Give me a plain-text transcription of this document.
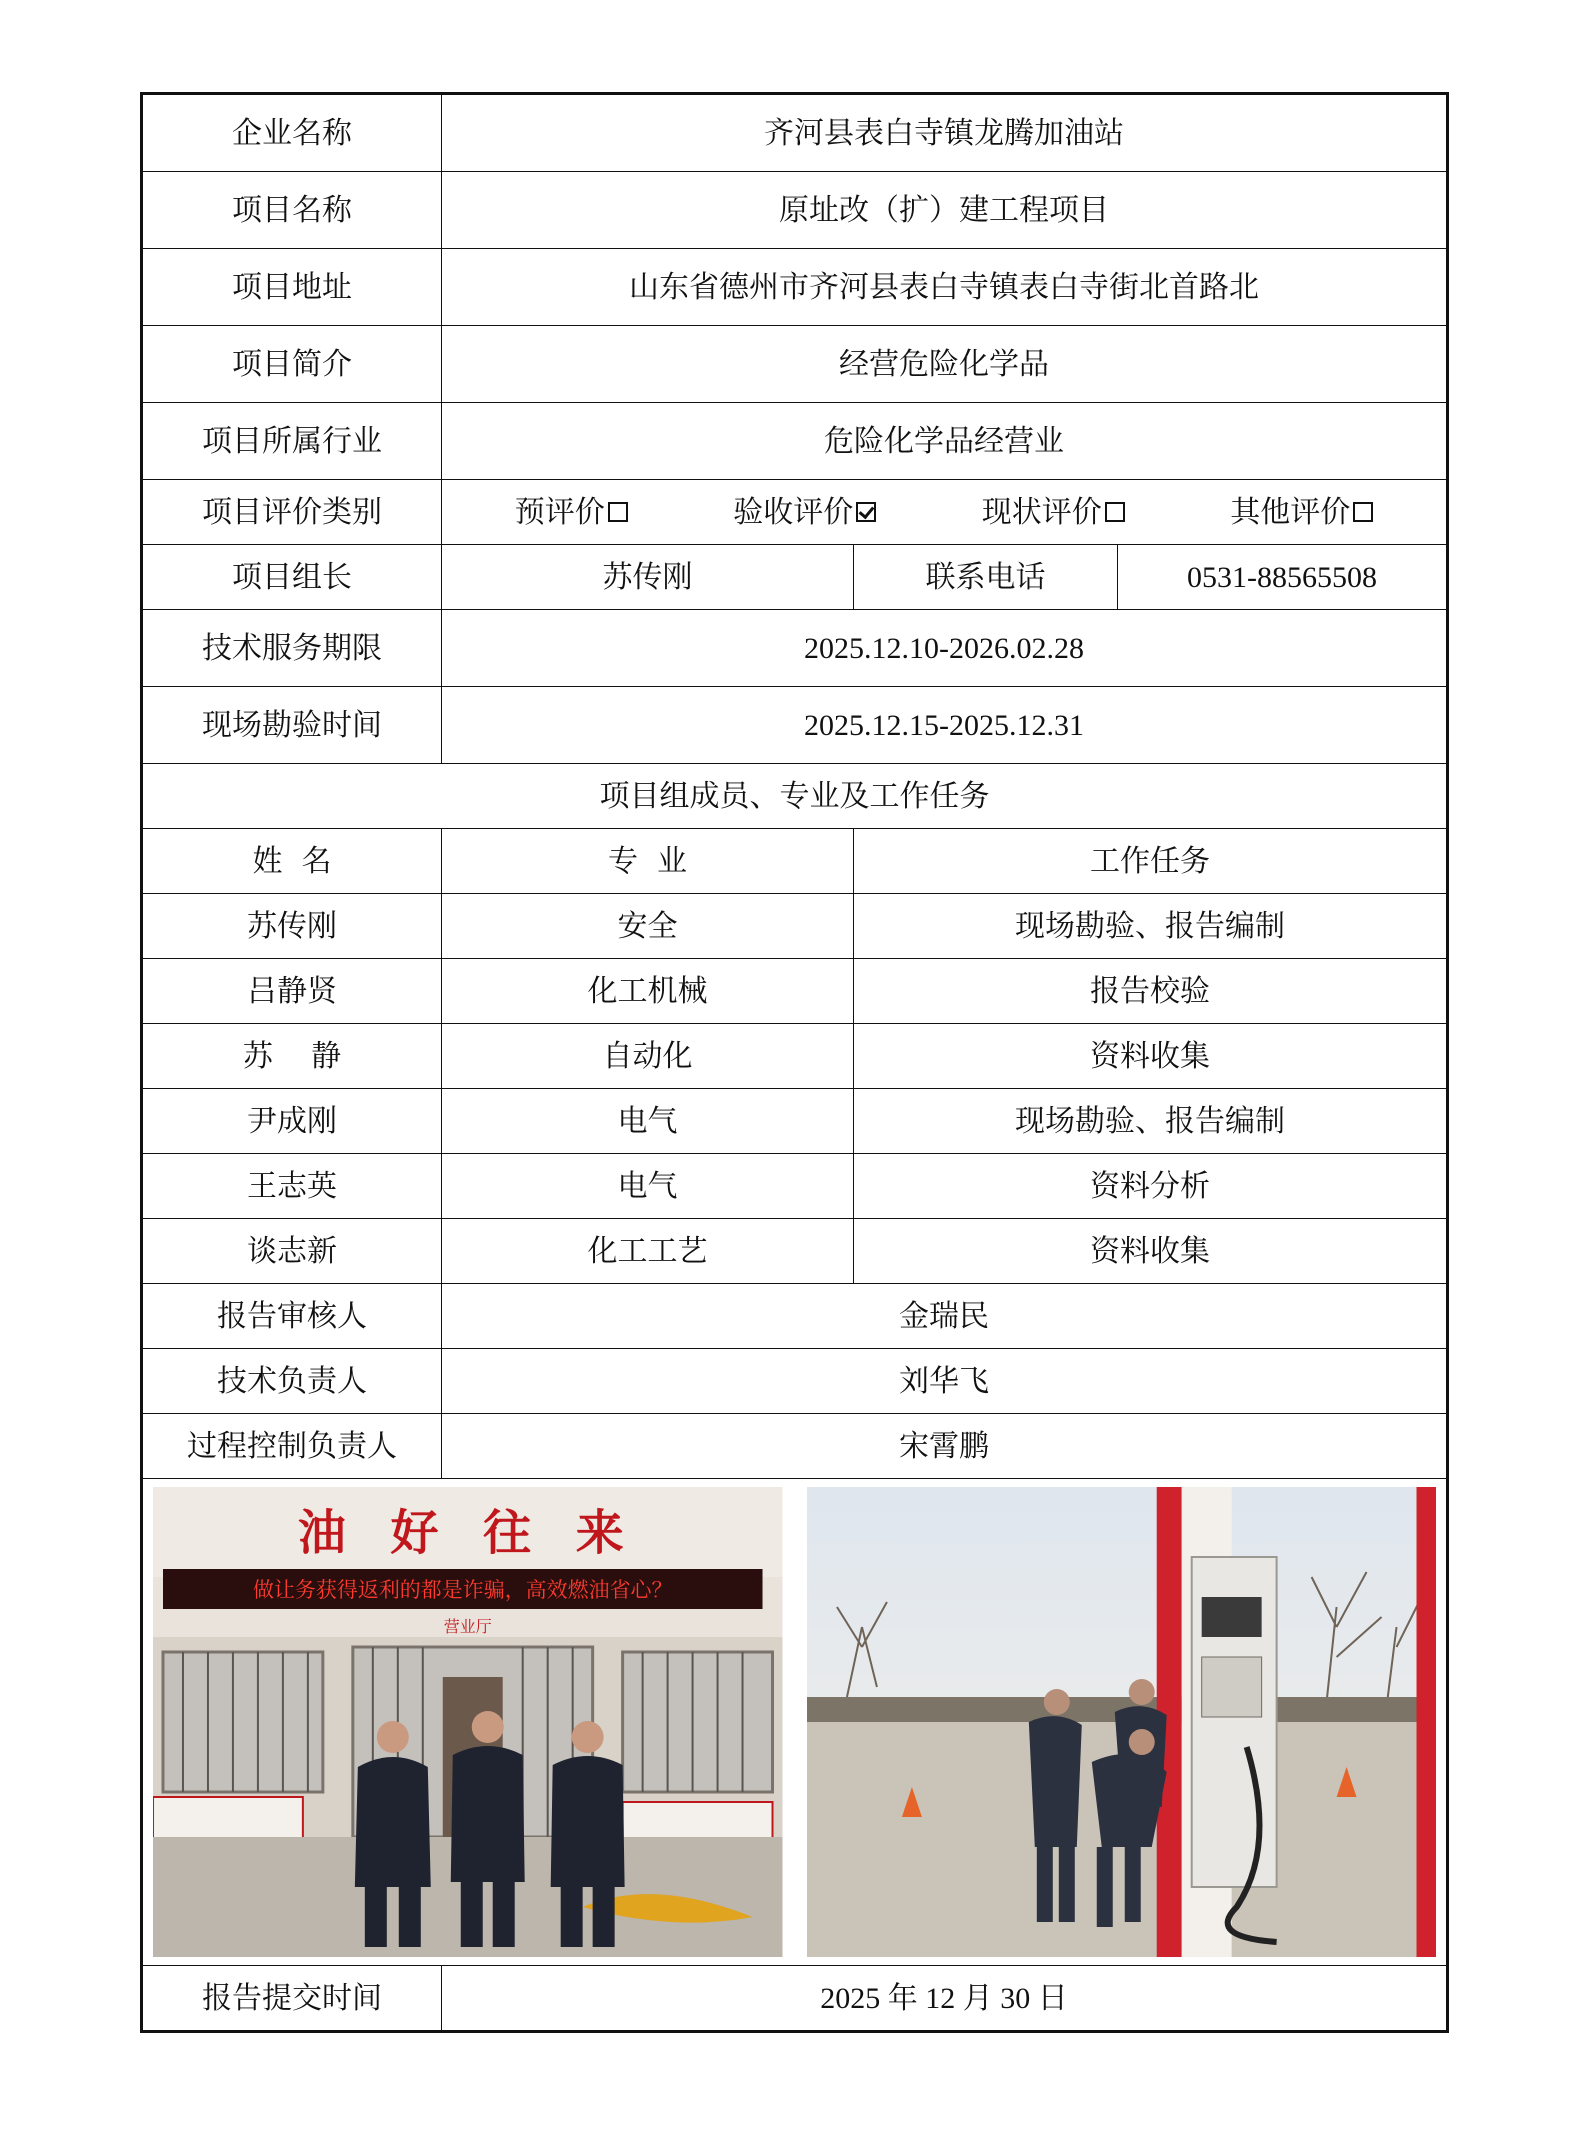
企业名称	齐河县表白寺镇龙腾加油站		
项目名称	原址改（扩）建工程项目		
项目地址	山东省德州市齐河县表白寺镇表白寺街北首路北		
项目简介	经营危险化学品		
项目所属行业	危险化学品经营业		
项目评价类别	预评价 验收评价 现状评价 其他评价		

项目组长	苏传刚	联系电话	0531-88565508
技术服务期限	2025.12.10-2026.02.28		
现场勘验时间	2025.12.15-2025.12.31		
项目组成员、专业及工作任务			
姓  名	专  业	工作任务	
苏传刚	安全	现场勘验、报告编制	
吕静贤	化工机械	报告校验	
苏    静	自动化	资料收集	
尹成刚	电气	现场勘验、报告编制	
王志英	电气	资料分析	
谈志新	化工工艺	资料收集	
报告审核人	金瑞民		
技术负责人	刘华飞		
过程控制负责人	宋霄鹏		

油 好 往 来
做让务获得返利的都是诈骗，高效燃油省心？
营业厅			

报告提交时间	2025 年 12 月 30 日		
